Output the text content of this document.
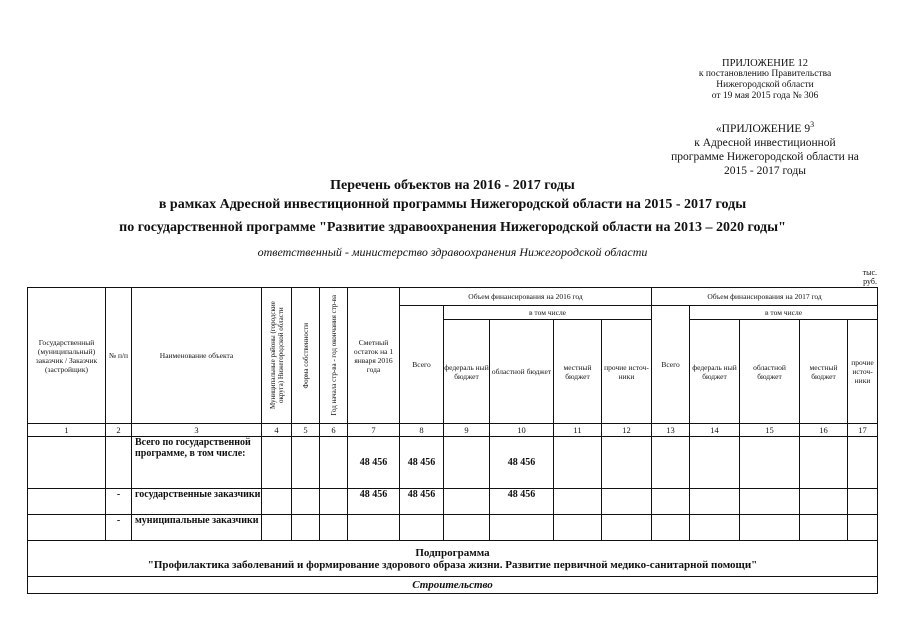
ПРИЛОЖЕНИЕ 12
к постановлению Правительства
Нижегородской области
от 19 мая 2015 года № 306
«ПРИЛОЖЕНИЕ $9^3$
к Адресной инвестиционной
программе Нижегородской области на
2015 - 2017 годы
Перечень объектов на 2016 - 2017 годы
в рамках Адресной инвестиционной программы Нижегородской области на 2015 - 2017 годы
по государственной программе "Развитие здравоохранения Нижегородской области на 2013 – 2020 годы"
ответственный - министерство здравоохранения Нижегородской области
тыс.
руб.
Государственный (муниципальный) заказчик / Заказчик (застройщик)	№ п/п	Наименование объекта	Муниципальные районы (городские округа) Нижегородской области	Форма собственности	Год начала стр-ва - год окончания стр-ва	Сметный остаток на 1 января 2016 года	Объем финансирования на 2016 год					Объем финансирования на 2017 год				
							Всего	в том числе				Всего	в том числе			
								федераль ный бюджет	областной бюджет	местный бюджет	прочие источ- ники		федераль ный бюджет	областной бюджет	местный бюджет	прочие источ- ники
1	2	3	4	5	6	7	8	9	10	11	12	13	14	15	16	17
		Всего по государственной программе, в том числе:				48 456	48 456		48 456							
	-	государственные заказчики				48 456	48 456		48 456							
	-	муниципальные заказчики														

Подпрограмма
"Профилактика заболеваний и формирование здорового образа жизни. Развитие первичной медико-санитарной помощи"																

Строительство																
